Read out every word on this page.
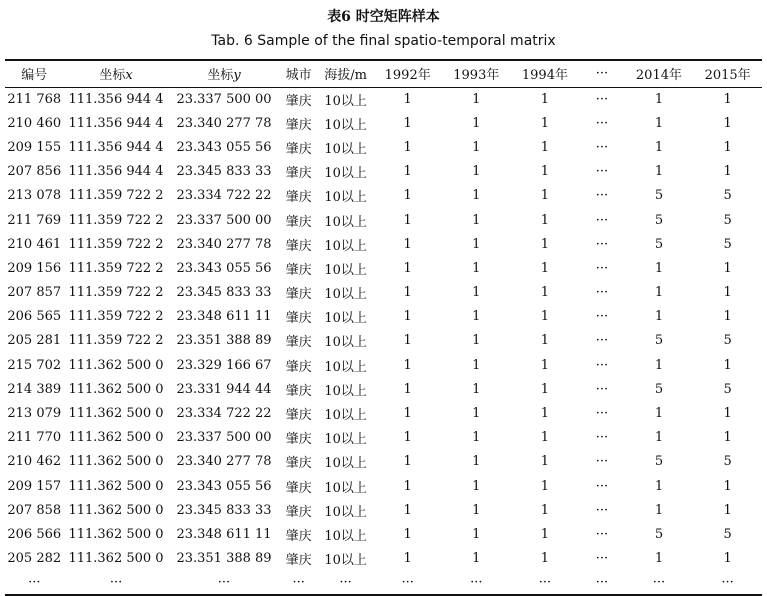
表6 时空矩阵样本
Tab. 6 Sample of the final spatio-temporal matrix
编号	坐标x	坐标y	城市	海拔/m	1992年	1993年	1994年	···	2014年	2015年
211 768	111.356 944 4	23.337 500 00	肇庆	10以上	1	1	1	···	1	1
210 460	111.356 944 4	23.340 277 78	肇庆	10以上	1	1	1	···	1	1
209 155	111.356 944 4	23.343 055 56	肇庆	10以上	1	1	1	···	1	1
207 856	111.356 944 4	23.345 833 33	肇庆	10以上	1	1	1	···	1	1
213 078	111.359 722 2	23.334 722 22	肇庆	10以上	1	1	1	···	5	5
211 769	111.359 722 2	23.337 500 00	肇庆	10以上	1	1	1	···	5	5
210 461	111.359 722 2	23.340 277 78	肇庆	10以上	1	1	1	···	5	5
209 156	111.359 722 2	23.343 055 56	肇庆	10以上	1	1	1	···	1	1
207 857	111.359 722 2	23.345 833 33	肇庆	10以上	1	1	1	···	1	1
206 565	111.359 722 2	23.348 611 11	肇庆	10以上	1	1	1	···	1	1
205 281	111.359 722 2	23.351 388 89	肇庆	10以上	1	1	1	···	5	5
215 702	111.362 500 0	23.329 166 67	肇庆	10以上	1	1	1	···	1	1
214 389	111.362 500 0	23.331 944 44	肇庆	10以上	1	1	1	···	5	5
213 079	111.362 500 0	23.334 722 22	肇庆	10以上	1	1	1	···	1	1
211 770	111.362 500 0	23.337 500 00	肇庆	10以上	1	1	1	···	1	1
210 462	111.362 500 0	23.340 277 78	肇庆	10以上	1	1	1	···	5	5
209 157	111.362 500 0	23.343 055 56	肇庆	10以上	1	1	1	···	1	1
207 858	111.362 500 0	23.345 833 33	肇庆	10以上	1	1	1	···	1	1
206 566	111.362 500 0	23.348 611 11	肇庆	10以上	1	1	1	···	5	5
205 282	111.362 500 0	23.351 388 89	肇庆	10以上	1	1	1	···	1	1
···	···	···	···	···	···	···	···	···	···	···
